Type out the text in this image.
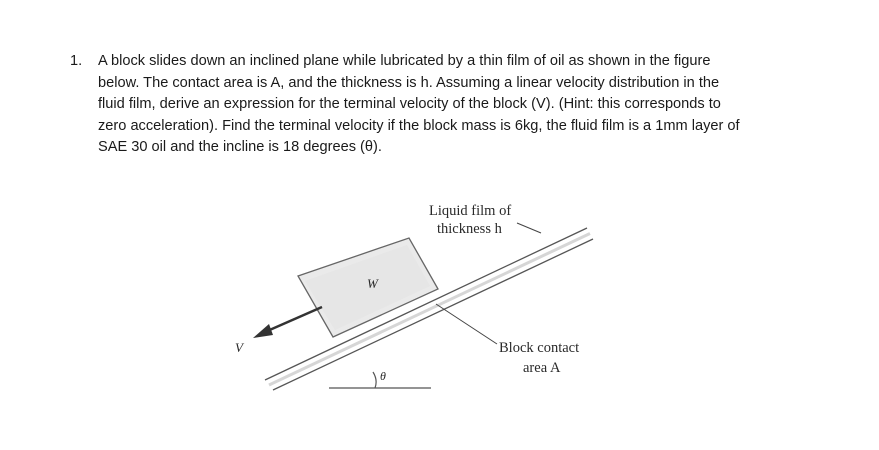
1.	A block slides down an inclined plane while lubricated by a thin film of oil as shown in the figure
below. The contact area is A, and the thickness is h. Assuming a linear velocity distribution in the
fluid film, derive an expression for the terminal velocity of the block (V). (Hint: this corresponds to
zero acceleration). Find the terminal velocity if the block mass is 6kg, the fluid film is a 1mm layer of
SAE 30 oil and the incline is 18 degrees (θ).
Liquid film of
thickness h
Block contact
area A
W
V
θ
